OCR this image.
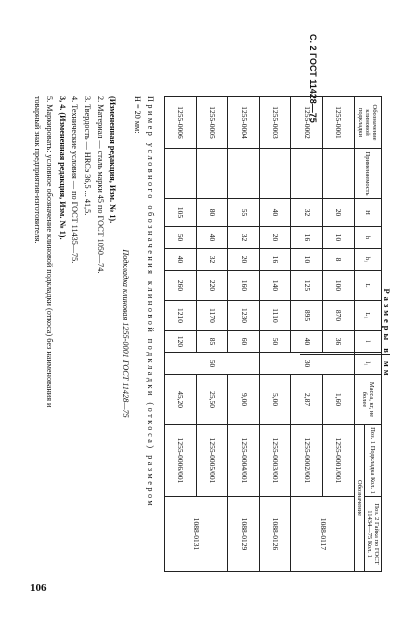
С. 2 ГОСТ 11428—75
Размеры в мм
Обозначение клиновой подкладки	Применяемость	H	h	h₁	L	L₁	l	l₁	Масса, кг, не более	Поз. 1 Подкладка Кол. 1	Поз. 2 Гайка по ГОСТ 11434—75 Кол. 1
										Обозначение	
1255-0001		20	10	8	100	870	36	30	1,60	1255-0001/001	1088-0117
1255-0002		32	16	10	125	895	40		2,87	1255-0002/001	
1255-0003		40	20	16	140	1110	50		5,00	1255-0003/001	1088-0126
1255-0004		55	32	20	160	1230	60	50	9,00	1255-0004/001	1088-0129
1255-0005		80	40	32	220	1170	85		25,50	1255-0005/001	1088-0131
1255-0006		105	50	40	260	1210	120		45,20	1255-0006/001	

Пример условного обозначения клиновой подкладки (откоса) размером

H = 20 мм:

Подкладка клиновая 1255-0001 ГОСТ 11428—75

(Измененная редакция, Изм. № 1).

2. Материал — сталь марки 45 по ГОСТ 1050—74.

3. Твердость — HRCэ 36,5 ... 41,5.

4. Технические условия — по ГОСТ 11435—75.

3, 4. (Измененная редакция, Изм. № 1).

5. Маркировать: условное обозначение клиновой подкладки (откоса) без наименования и

товарный знак предприятия-изготовителя.

106
